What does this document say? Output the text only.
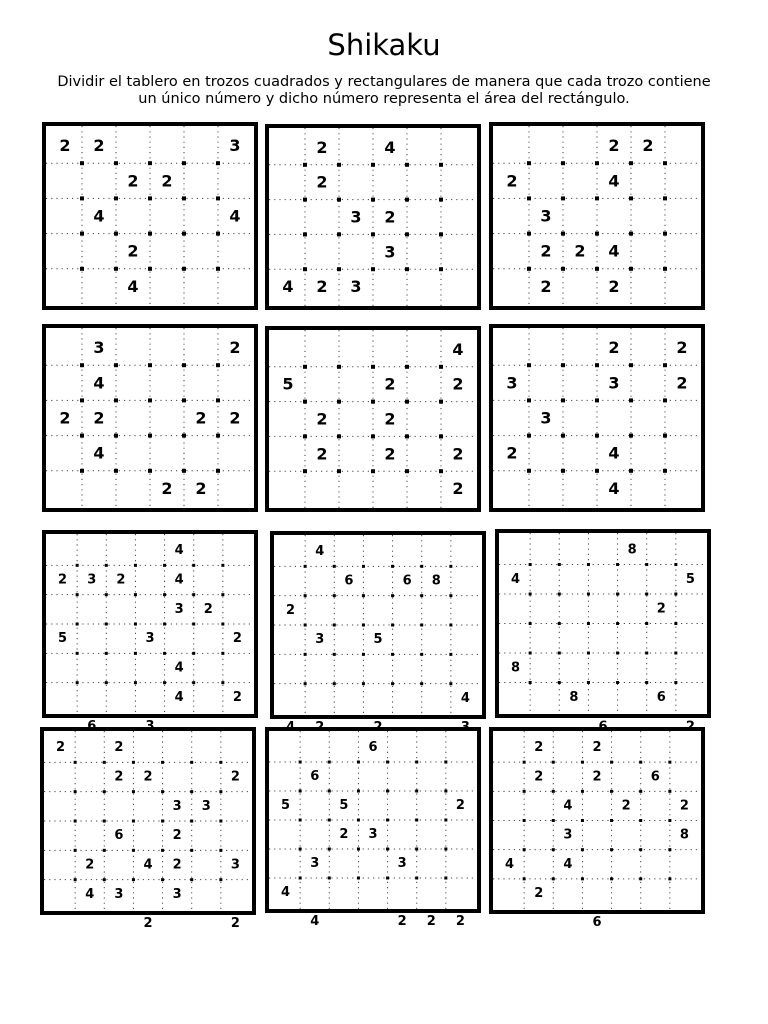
Shikaku
Dividir el tablero en trozos cuadrados y rectangulares de manera que cada trozo contiene
un único número y dicho número representa el área del rectángulo.
2 2	3
2 2
4	4
2
4
2	4
2
3 2
3
4 2 3
2 2
2	4
3
2 2 4
2	2
3	2
4
2 2	2 2
4
2 2
4
5	2	2
2	2
2	2	2
2
2	2
3	3	2
3
2	4
4
4
2 3 2	4
3 2
5	3	2
4
4	2
4
6	6 8
2
3	5
4
8
4	5
2
8
8	6
2	2
2 2	2
3 3
6	2
2	4 2	3
4 3	3
2	2
6
6
5	5	2
2 3
3	3
4
4	2 2 2
2	2
2	2	6
4	2	2
3	8
4	4
2
6
